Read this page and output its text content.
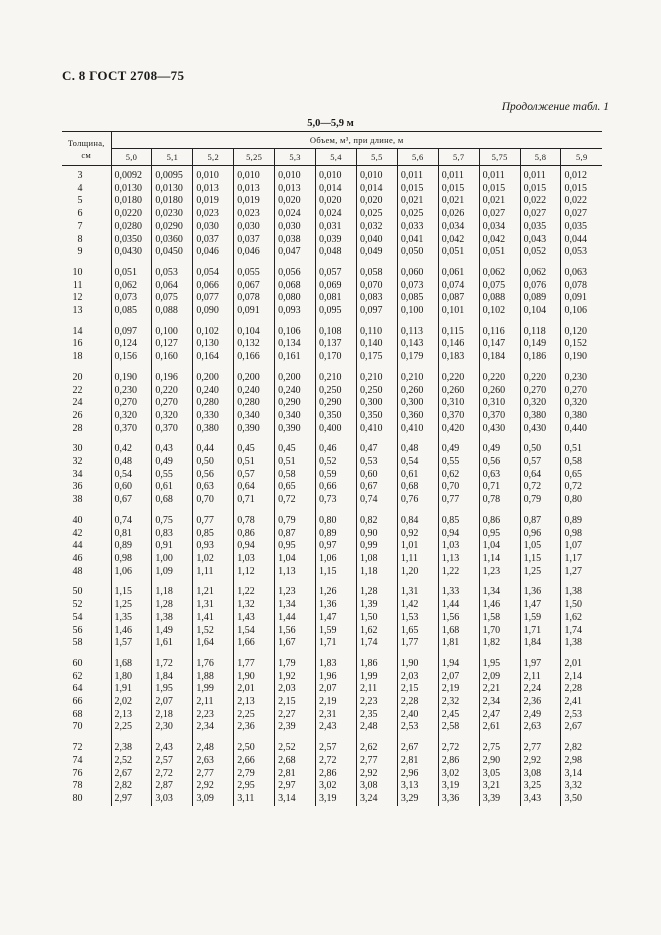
С. 8 ГОСТ 2708—75
Продолжение табл. 1
5,0—5,9 м
Толщина, см	Объем, м³, при длине, м											
	5,0	5,1	5,2	5,25	5,3	5,4	5,5	5,6	5,7	5,75	5,8	5,9
3	0,0092	0,0095	0,010	0,010	0,010	0,010	0,010	0,011	0,011	0,011	0,011	0,012
4	0,0130	0,0130	0,013	0,013	0,013	0,014	0,014	0,015	0,015	0,015	0,015	0,015
5	0,0180	0,0180	0,019	0,019	0,020	0,020	0,020	0,021	0,021	0,021	0,022	0,022
6	0,0220	0,0230	0,023	0,023	0,024	0,024	0,025	0,025	0,026	0,027	0,027	0,027
7	0,0280	0,0290	0,030	0,030	0,030	0,031	0,032	0,033	0,034	0,034	0,035	0,035
8	0,0350	0,0360	0,037	0,037	0,038	0,039	0,040	0,041	0,042	0,042	0,043	0,044
9	0,0430	0,0450	0,046	0,046	0,047	0,048	0,049	0,050	0,051	0,051	0,052	0,053

10	0,051	0,053	0,054	0,055	0,056	0,057	0,058	0,060	0,061	0,062	0,062	0,063
11	0,062	0,064	0,066	0,067	0,068	0,069	0,070	0,073	0,074	0,075	0,076	0,078
12	0,073	0,075	0,077	0,078	0,080	0,081	0,083	0,085	0,087	0,088	0,089	0,091
13	0,085	0,088	0,090	0,091	0,093	0,095	0,097	0,100	0,101	0,102	0,104	0,106

14	0,097	0,100	0,102	0,104	0,106	0,108	0,110	0,113	0,115	0,116	0,118	0,120
16	0,124	0,127	0,130	0,132	0,134	0,137	0,140	0,143	0,146	0,147	0,149	0,152
18	0,156	0,160	0,164	0,166	0,161	0,170	0,175	0,179	0,183	0,184	0,186	0,190

20	0,190	0,196	0,200	0,200	0,200	0,210	0,210	0,210	0,220	0,220	0,220	0,230
22	0,230	0,220	0,240	0,240	0,240	0,250	0,250	0,260	0,260	0,260	0,270	0,270
24	0,270	0,270	0,280	0,280	0,290	0,290	0,300	0,300	0,310	0,310	0,320	0,320
26	0,320	0,320	0,330	0,340	0,340	0,350	0,350	0,360	0,370	0,370	0,380	0,380
28	0,370	0,370	0,380	0,390	0,390	0,400	0,410	0,410	0,420	0,430	0,430	0,440

30	0,42	0,43	0,44	0,45	0,45	0,46	0,47	0,48	0,49	0,49	0,50	0,51
32	0,48	0,49	0,50	0,51	0,51	0,52	0,53	0,54	0,55	0,56	0,57	0,58
34	0,54	0,55	0,56	0,57	0,58	0,59	0,60	0,61	0,62	0,63	0,64	0,65
36	0,60	0,61	0,63	0,64	0,65	0,66	0,67	0,68	0,70	0,71	0,72	0,72
38	0,67	0,68	0,70	0,71	0,72	0,73	0,74	0,76	0,77	0,78	0,79	0,80

40	0,74	0,75	0,77	0,78	0,79	0,80	0,82	0,84	0,85	0,86	0,87	0,89
42	0,81	0,83	0,85	0,86	0,87	0,89	0,90	0,92	0,94	0,95	0,96	0,98
44	0,89	0,91	0,93	0,94	0,95	0,97	0,99	1,01	1,03	1,04	1,05	1,07
46	0,98	1,00	1,02	1,03	1,04	1,06	1,08	1,11	1,13	1,14	1,15	1,17
48	1,06	1,09	1,11	1,12	1,13	1,15	1,18	1,20	1,22	1,23	1,25	1,27

50	1,15	1,18	1,21	1,22	1,23	1,26	1,28	1,31	1,33	1,34	1,36	1,38
52	1,25	1,28	1,31	1,32	1,34	1,36	1,39	1,42	1,44	1,46	1,47	1,50
54	1,35	1,38	1,41	1,43	1,44	1,47	1,50	1,53	1,56	1,58	1,59	1,62
56	1,46	1,49	1,52	1,54	1,56	1,59	1,62	1,65	1,68	1,70	1,71	1,74
58	1,57	1,61	1,64	1,66	1,67	1,71	1,74	1,77	1,81	1,82	1,84	1,38

60	1,68	1,72	1,76	1,77	1,79	1,83	1,86	1,90	1,94	1,95	1,97	2,01
62	1,80	1,84	1,88	1,90	1,92	1,96	1,99	2,03	2,07	2,09	2,11	2,14
64	1,91	1,95	1,99	2,01	2,03	2,07	2,11	2,15	2,19	2,21	2,24	2,28
66	2,02	2,07	2,11	2,13	2,15	2,19	2,23	2,28	2,32	2,34	2,36	2,41
68	2,13	2,18	2,23	2,25	2,27	2,31	2,35	2,40	2,45	2,47	2,49	2,53
70	2,25	2,30	2,34	2,36	2,39	2,43	2,48	2,53	2,58	2,61	2,63	2,67

72	2,38	2,43	2,48	2,50	2,52	2,57	2,62	2,67	2,72	2,75	2,77	2,82
74	2,52	2,57	2,63	2,66	2,68	2,72	2,77	2,81	2,86	2,90	2,92	2,98
76	2,67	2,72	2,77	2,79	2,81	2,86	2,92	2,96	3,02	3,05	3,08	3,14
78	2,82	2,87	2,92	2,95	2,97	3,02	3,08	3,13	3,19	3,21	3,25	3,32
80	2,97	3,03	3,09	3,11	3,14	3,19	3,24	3,29	3,36	3,39	3,43	3,50
